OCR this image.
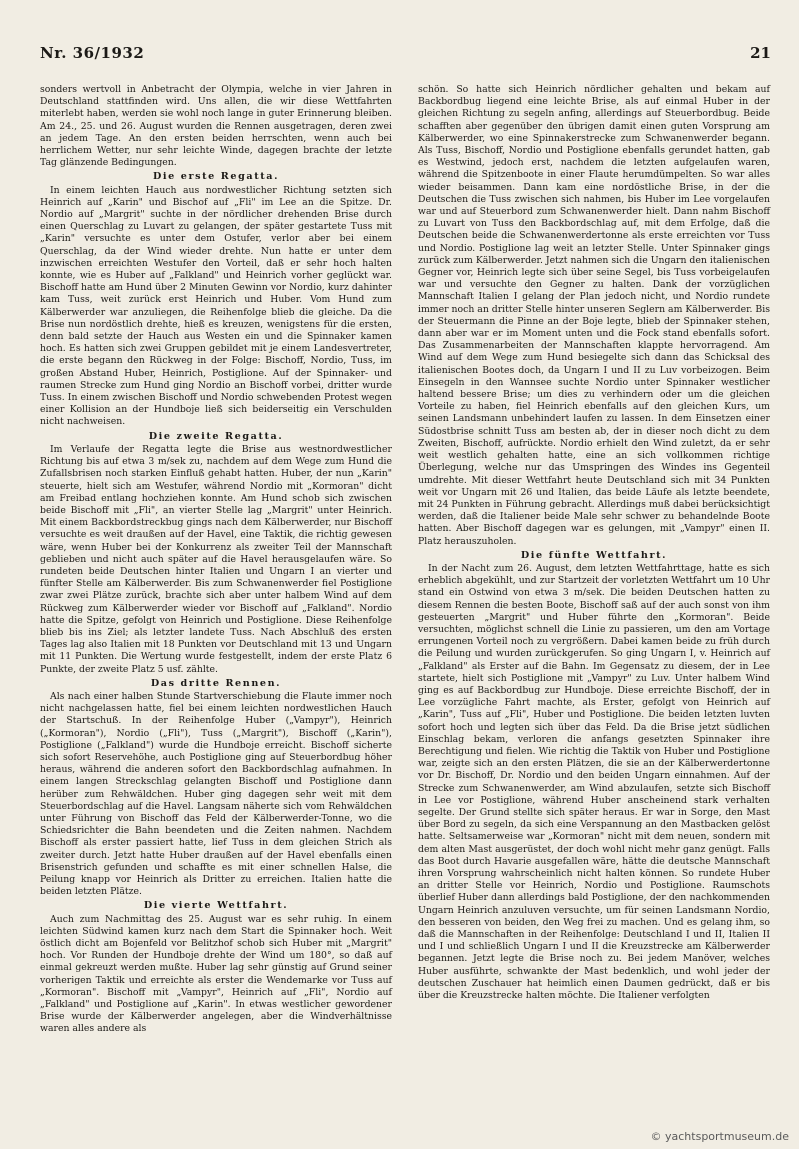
Nr. 36/1932	21

sonders wertvoll in Anbetracht der Olympia, welche in vier Jahren in Deutschland stattfinden wird. Uns allen, die wir diese Wettfahrten miterlebt haben, werden sie wohl noch lange in guter Erinnerung bleiben. Am 24., 25. und 26. August wurden die Rennen ausgetragen, deren zwei an jedem Tage. An den ersten beiden herrschten, wenn auch bei herrlichem Wetter, nur sehr leichte Winde, dagegen brachte der letzte Tag glänzende Bedingungen.

Die erste Regatta.

In einem leichten Hauch aus nordwestlicher Richtung setzten sich Heinrich auf „Karin" und Bischof auf „Fli" im Lee an die Spitze. Dr. Nordio auf „Margrit" suchte in der nördlicher drehenden Brise durch einen Querschlag zu Luvart zu gelangen, der später gestartete Tuss mit „Karin" versuchte es unter dem Ostufer, verlor aber bei einem Querschlag, da der Wind wieder drehte. Nun hatte er unter dem inzwischen erreichten Westufer den Vorteil, daß er sehr hoch halten konnte, wie es Huber auf „Falkland" und Heinrich vorher geglückt war. Bischoff hatte am Hund über 2 Minuten Gewinn vor Nordio, kurz dahinter kam Tuss, weit zurück erst Heinrich und Huber. Vom Hund zum Kälberwerder war anzuliegen, die Reihenfolge blieb die gleiche. Da die Brise nun nordöstlich drehte, hieß es kreuzen, wenigstens für die ersten, denn bald setzte der Hauch aus Westen ein und die Spinnaker kamen hoch. Es hatten sich zwei Gruppen gebildet mit je einem Landesvertreter, die erste begann den Rückweg in der Folge: Bischoff, Nordio, Tuss, im großen Abstand Huber, Heinrich, Postiglione. Auf der Spinnaker- und raumen Strecke zum Hund ging Nordio an Bischoff vorbei, dritter wurde Tuss. In einem zwischen Bischoff und Nordio schwebenden Protest wegen einer Kollision an der Hundboje ließ sich beiderseitig ein Verschulden nicht nachweisen.

Die zweite Regatta.

Im Verlaufe der Regatta legte die Brise aus westnordwestlicher Richtung bis auf etwa 3 m/sek zu, nachdem auf dem Wege zum Hund die Zufallsbrisen noch starken Einfluß gehabt hatten. Huber, der nun „Karin" steuerte, hielt sich am Westufer, während Nordio mit „Kormoran" dicht am Freibad entlang hochziehen konnte. Am Hund schob sich zwischen beide Bischoff mit „Fli", an vierter Stelle lag „Margrit" unter Heinrich. Mit einem Backbordstreckbug gings nach dem Kälberwerder, nur Bischoff versuchte es weit draußen auf der Havel, eine Taktik, die richtig gewesen wäre, wenn Huber bei der Konkurrenz als zweiter Teil der Mannschaft geblieben und nicht auch später auf die Havel herausgelaufen wäre. So rundeten beide Deutschen hinter Italien und Ungarn I an vierter und fünfter Stelle am Kälberwerder. Bis zum Schwanenwerder fiel Postiglione zwar zwei Plätze zurück, brachte sich aber unter halbem Wind auf dem Rückweg zum Kälberwerder wieder vor Bischoff auf „Falkland". Nordio hatte die Spitze, gefolgt von Heinrich und Postiglione. Diese Reihenfolge blieb bis ins Ziel; als letzter landete Tuss. Nach Abschluß des ersten Tages lag also Italien mit 18 Punkten vor Deutschland mit 13 und Ungarn mit 11 Punkten. Die Wertung wurde festgestellt, indem der erste Platz 6 Punkte, der zweite Platz 5 usf. zählte.

Das dritte Rennen.

Als nach einer halben Stunde Startverschiebung die Flaute immer noch nicht nachgelassen hatte, fiel bei einem leichten nordwestlichen Hauch der Startschuß. In der Reihenfolge Huber („Vampyr"), Heinrich („Kormoran"), Nordio („Fli"), Tuss („Margrit"), Bischoff („Karin"), Postiglione („Falkland") wurde die Hundboje erreicht. Bischoff sicherte sich sofort Reservehöhe, auch Postiglione ging auf Steuerbordbug höher heraus, während die anderen sofort den Backbordschlag aufnahmen. In einem langen Streckschlag gelangten Bischoff und Postiglione dann herüber zum Rehwäldchen. Huber ging dagegen sehr weit mit dem Steuerbordschlag auf die Havel. Langsam näherte sich vom Rehwäldchen unter Führung von Bischoff das Feld der Kälberwerder-Tonne, wo die Schiedsrichter die Bahn beendeten und die Zeiten nahmen. Nachdem Bischoff als erster passiert hatte, lief Tuss in dem gleichen Strich als zweiter durch. Jetzt hatte Huber draußen auf der Havel ebenfalls einen Brisenstrich gefunden und schaffte es mit einer schnellen Halse, die Peilung knapp vor Heinrich als Dritter zu erreichen. Italien hatte die beiden letzten Plätze.

Die vierte Wettfahrt.

Auch zum Nachmittag des 25. August war es sehr ruhig. In einem leichten Südwind kamen kurz nach dem Start die Spinnaker hoch. Weit östlich dicht am Bojenfeld vor Belitzhof schob sich Huber mit „Margrit" hoch. Vor Runden der Hundboje drehte der Wind um 180°, so daß auf einmal gekreuzt werden mußte. Huber lag sehr günstig auf Grund seiner vorherigen Taktik und erreichte als erster die Wendemarke vor Tuss auf „Kormoran". Bischoff mit „Vampyr", Heinrich auf „Fli", Nordio auf „Falkland" und Postiglione auf „Karin". In etwas westlicher gewordener Brise wurde der Kälberwerder angelegen, aber die Windverhältnisse waren alles andere als

schön. So hatte sich Heinrich nördlicher gehalten und bekam auf Backbordbug liegend eine leichte Brise, als auf einmal Huber in der gleichen Richtung zu segeln anfing, allerdings auf Steuerbordbug. Beide schafften aber gegenüber den übrigen damit einen guten Vorsprung am Kälberwerder, wo eine Spinnakerstrecke zum Schwanenwerder begann. Als Tuss, Bischoff, Nordio und Postiglione ebenfalls gerundet hatten, gab es Westwind, jedoch erst, nachdem die letzten aufgelaufen waren, während die Spitzenboote in einer Flaute herumdümpelten. So war alles wieder beisammen. Dann kam eine nordöstliche Brise, in der die Deutschen die Tuss zwischen sich nahmen, bis Huber im Lee vorgelaufen war und auf Steuerbord zum Schwanenwerder hielt. Dann nahm Bischoff zu Luvart von Tuss den Backbordschlag auf, mit dem Erfolge, daß die Deutschen beide die Schwanenwerdertonne als erste erreichten vor Tuss und Nordio. Postiglione lag weit an letzter Stelle. Unter Spinnaker gings zurück zum Kälberwerder. Jetzt nahmen sich die Ungarn den italienischen Gegner vor, Heinrich legte sich über seine Segel, bis Tuss vorbeigelaufen war und versuchte den Gegner zu halten. Dank der vorzüglichen Mannschaft Italien I gelang der Plan jedoch nicht, und Nordio rundete immer noch an dritter Stelle hinter unseren Seglern am Kälberwerder. Bis der Steuermann die Pinne an der Boje legte, blieb der Spinnaker stehen, dann aber war er im Moment unten und die Fock stand ebenfalls sofort. Das Zusammenarbeiten der Mannschaften klappte hervorragend. Am Wind auf dem Wege zum Hund besiegelte sich dann das Schicksal des italienischen Bootes doch, da Ungarn I und II zu Luv vorbeizogen. Beim Einsegeln in den Wannsee suchte Nordio unter Spinnaker westlicher haltend bessere Brise; um dies zu verhindern oder um die gleichen Vorteile zu haben, fiel Heinrich ebenfalls auf den gleichen Kurs, um seinen Landsmann unbehindert laufen zu lassen. In dem Einsetzen einer Südostbrise schnitt Tuss am besten ab, der in dieser noch dicht zu dem Zweiten, Bischoff, aufrückte. Nordio erhielt den Wind zuletzt, da er sehr weit westlich gehalten hatte, eine an sich vollkommen richtige Überlegung, welche nur das Umspringen des Windes ins Gegenteil umdrehte. Mit dieser Wettfahrt heute Deutschland sich mit 34 Punkten weit vor Ungarn mit 26 und Italien, das beide Läufe als letzte beendete, mit 24 Punkten in Führung gebracht. Allerdings muß dabei berücksichtigt werden, daß die Italiener beide Male sehr schwer zu behandelnde Boote hatten. Aber Bischoff dagegen war es gelungen, mit „Vampyr" einen II. Platz herauszuholen.

Die fünfte Wettfahrt.

In der Nacht zum 26. August, dem letzten Wettfahrttage, hatte es sich erheblich abgekühlt, und zur Startzeit der vorletzten Wettfahrt um 10 Uhr stand ein Ostwind von etwa 3 m/sek. Die beiden Deutschen hatten zu diesem Rennen die besten Boote, Bischoff saß auf der auch sonst von ihm gesteuerten „Margrit" und Huber führte den „Kormoran". Beide versuchten, möglichst schnell die Linie zu passieren, um den am Vortage errungenen Vorteil noch zu vergrößern. Dabei kamen beide zu früh durch die Peilung und wurden zurückgerufen. So ging Ungarn I, v. Heinrich auf „Falkland" als Erster auf die Bahn. Im Gegensatz zu diesem, der in Lee startete, hielt sich Postiglione mit „Vampyr" zu Luv. Unter halbem Wind ging es auf Backbordbug zur Hundboje. Diese erreichte Bischoff, der in Lee vorzügliche Fahrt machte, als Erster, gefolgt von Heinrich auf „Karin", Tuss auf „Fli", Huber und Postiglione. Die beiden letzten luvten sofort hoch und legten sich über das Feld. Da die Brise jetzt südlichen Einschlag bekam, verloren die anfangs gesetzten Spinnaker ihre Berechtigung und fielen. Wie richtig die Taktik von Huber und Postiglione war, zeigte sich an den ersten Plätzen, die sie an der Kälberwerdertonne vor Dr. Bischoff, Dr. Nordio und den beiden Ungarn einnahmen. Auf der Strecke zum Schwanenwerder, am Wind abzulaufen, setzte sich Bischoff in Lee vor Postiglione, während Huber anscheinend stark verhalten segelte. Der Grund stellte sich später heraus. Er war in Sorge, den Mast über Bord zu segeln, da sich eine Verspannung an den Mastbacken gelöst hatte. Seltsamerweise war „Kormoran" nicht mit dem neuen, sondern mit dem alten Mast ausgerüstet, der doch wohl nicht mehr ganz genügt. Falls das Boot durch Havarie ausgefallen wäre, hätte die deutsche Mannschaft ihren Vorsprung wahrscheinlich nicht halten können. So rundete Huber an dritter Stelle vor Heinrich, Nordio und Postiglione. Raumschots überlief Huber dann allerdings bald Postiglione, der den nachkommenden Ungarn Heinrich anzuluven versuchte, um für seinen Landsmann Nordio, den besseren von beiden, den Weg frei zu machen. Und es gelang ihm, so daß die Mannschaften in der Reihenfolge: Deutschland I und II, Italien II und I und schließlich Ungarn I und II die Kreuzstrecke am Kälberwerder begannen. Jetzt legte die Brise noch zu. Bei jedem Manöver, welches Huber ausführte, schwankte der Mast bedenklich, und wohl jeder der deutschen Zuschauer hat heimlich einen Daumen gedrückt, daß er bis über die Kreuzstrecke halten möchte. Die Italiener verfolgten

© yachtsportmuseum.de
